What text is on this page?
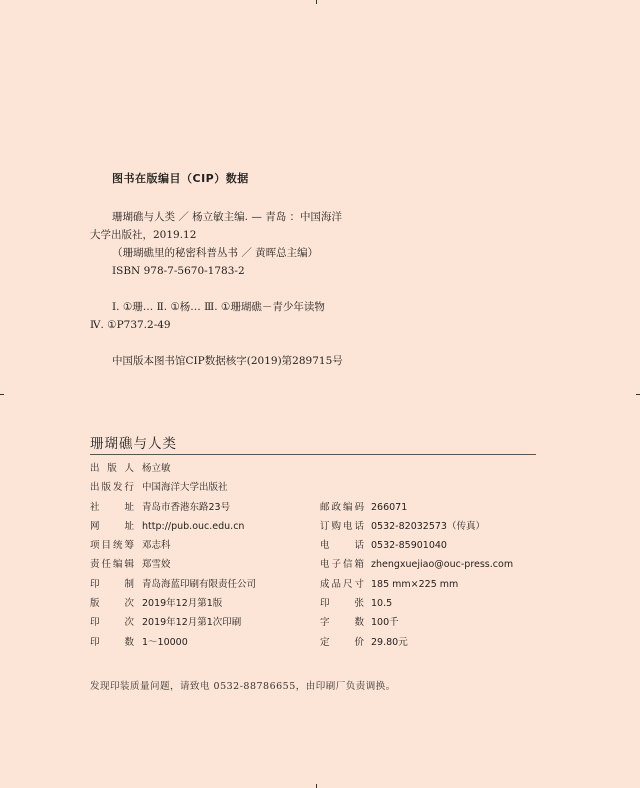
图书在版编目（CIP）数据
珊瑚礁与人类 ／ 杨立敏主编. — 青岛 ：中国海洋
大学出版社，2019.12
（珊瑚礁里的秘密科普丛书 ／ 黄晖总主编）
ISBN 978-7-5670-1783-2
Ⅰ. ①珊… Ⅱ. ①杨… Ⅲ. ①珊瑚礁－青少年读物
Ⅳ. ①P737.2-49
中国版本图书馆CIP数据核字(2019)第289715号
珊瑚礁与人类
出 版 人 杨立敏
出版发行 中国海洋大学出版社
社址 青岛市香港东路23号	邮政编码 266071
网址 http://pub.ouc.edu.cn	订购电话 0532-82032573（传真）
项目统筹 邓志科	电话 0532-85901040
责任编辑 郑雪姣	电子信箱 zhengxuejiao@ouc-press.com
印制 青岛海蓝印刷有限责任公司	成品尺寸 185 mm×225 mm
版次 2019年12月第1版	印张 10.5
印次 2019年12月第1次印刷	字数 100千
印数 1～10000	定价 29.80元
发现印装质量问题，请致电 0532-88786655，由印刷厂负责调换。
